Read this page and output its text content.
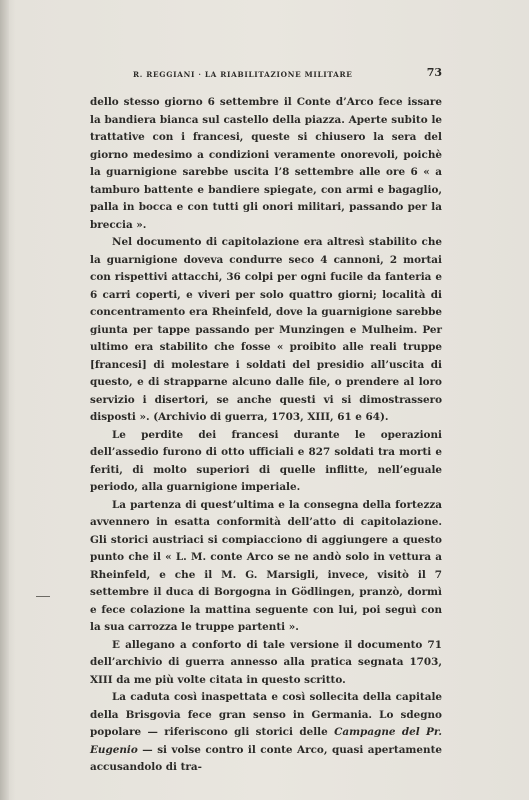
R. REGGIANI · LA RIABILITAZIONE MILITARE	73

dello stesso giorno 6 settembre il Conte d’Arco fece issare la bandiera bianca sul castello della piazza. Aperte subito le trattative con i francesi, queste si chiusero la sera del giorno medesimo a condizioni veramente onorevoli, poichè la guarnigione sarebbe uscita l’8 settembre alle ore 6 « a tamburo battente e bandiere spiegate, con armi e bagaglio, palla in bocca e con tutti gli onori militari, passando per la breccia ».

Nel documento di capitolazione era altresì stabilito che la guarnigione doveva condurre seco 4 cannoni, 2 mortai con rispettivi attacchi, 36 colpi per ogni fucile da fanteria e 6 carri coperti, e viveri per solo quattro giorni; località di concentramento era Rheinfeld, dove la guarnigione sarebbe giunta per tappe passando per Munzingen e Mulheim. Per ultimo era stabilito che fosse « proibito alle reali truppe [francesi] di molestare i soldati del presidio all’uscita di questo, e di strapparne alcuno dalle file, o prendere al loro servizio i disertori, se anche questi vi si dimostrassero disposti ». (Archivio di guerra, 1703, XIII, 61 e 64).

Le perdite dei francesi durante le operazioni dell’assedio furono di otto ufficiali e 827 soldati tra morti e feriti, di molto superiori di quelle inflitte, nell’eguale periodo, alla guarnigione imperiale.

La partenza di quest’ultima e la consegna della fortezza avvennero in esatta conformità dell’atto di capitolazione. Gli storici austriaci si compiacciono di aggiungere a questo punto che il « L. M. conte Arco se ne andò solo in vettura a Rheinfeld, e che il M. G. Marsigli, invece, visitò il 7 settembre il duca di Borgogna in Gödlingen, pranzò, dormì e fece colazione la mattina seguente con lui, poi seguì con la sua carrozza le truppe partenti ».

E allegano a conforto di tale versione il documento 71 dell’archivio di guerra annesso alla pratica segnata 1703, XIII da me più volte citata in questo scritto.

La caduta così inaspettata e così sollecita della capitale della Brisgovia fece gran senso in Germania. Lo sdegno popolare — riferiscono gli storici delle Campagne del Pr. Eugenio — si volse contro il conte Arco, quasi apertamente accusandolo di tra-
